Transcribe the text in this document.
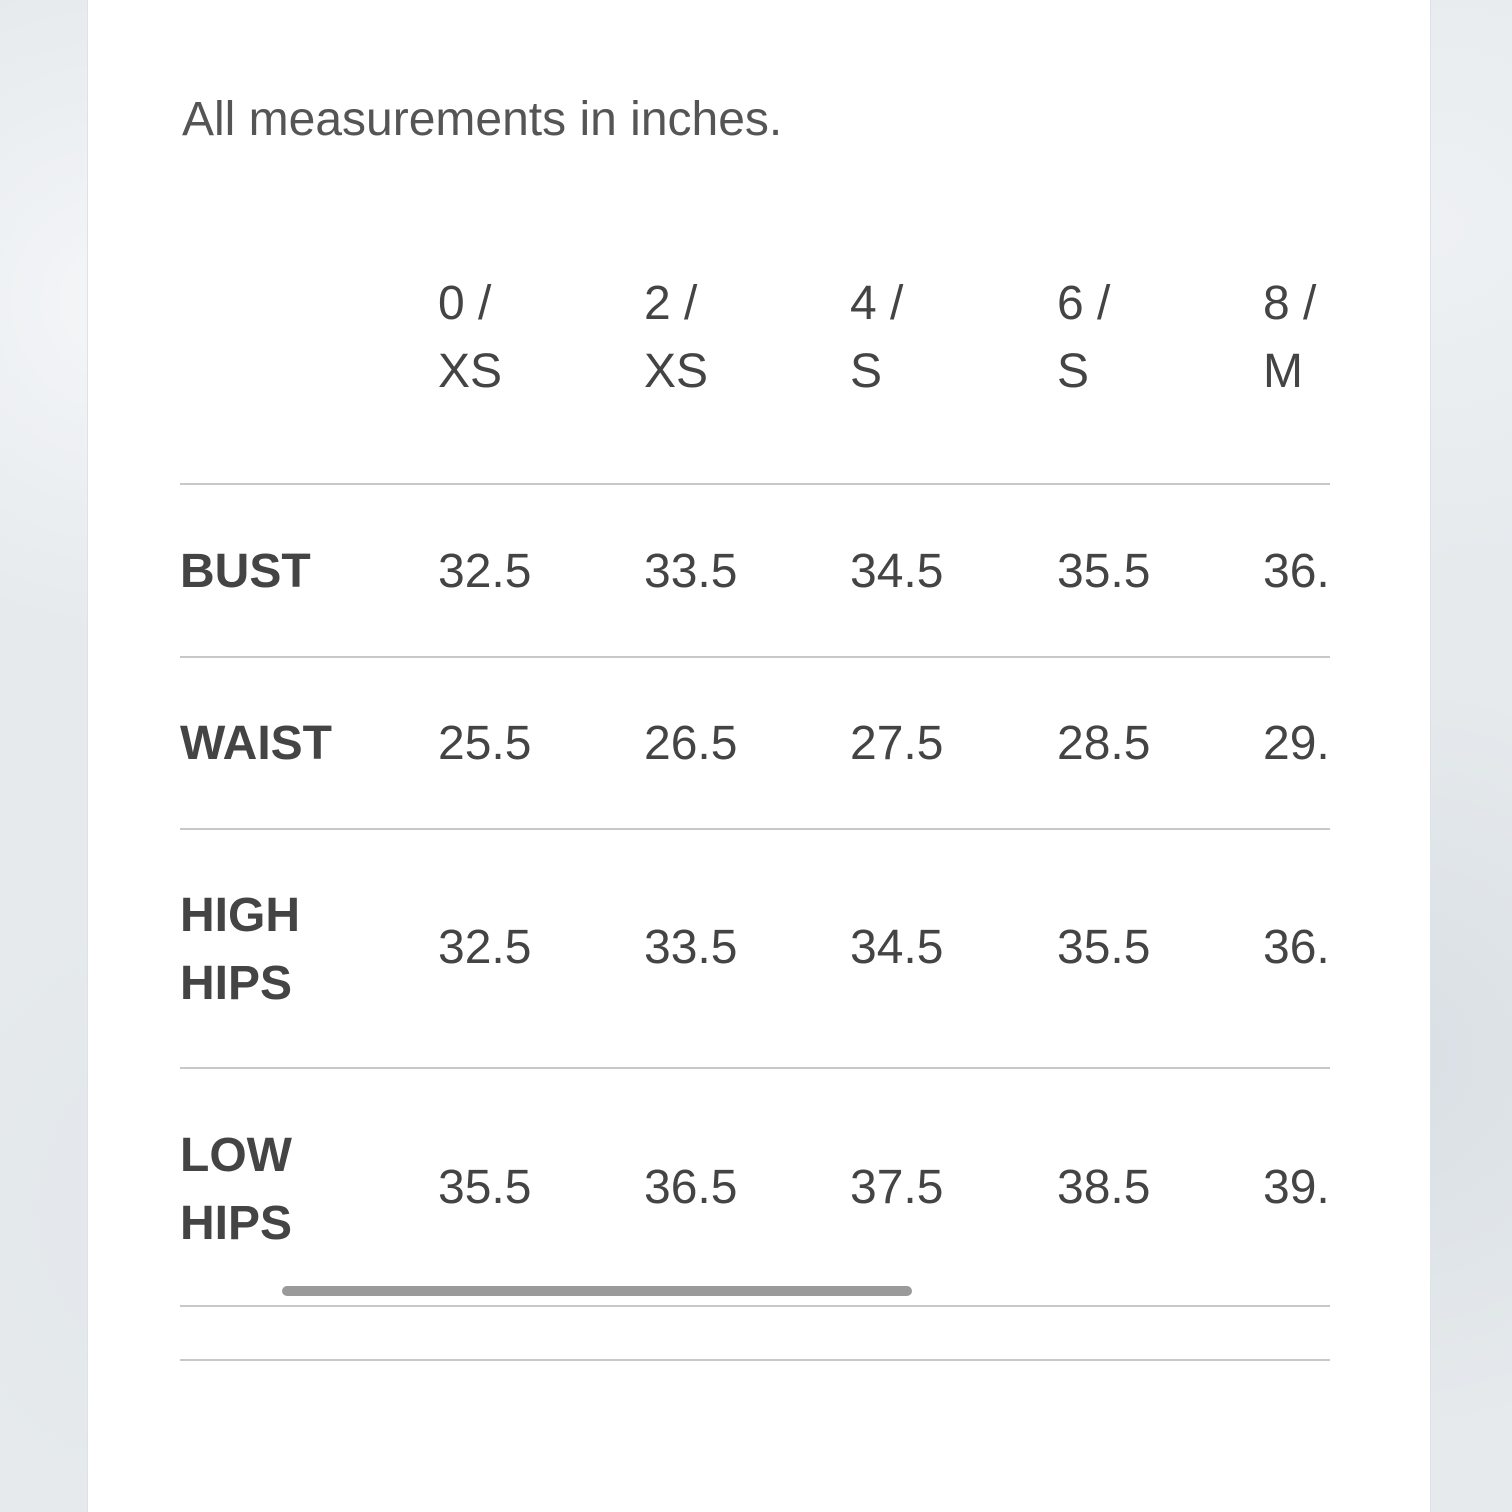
All measurements in inches.

0 /
XS
2 /
XS
4 /
S
6 /
S
8 /
M
BUST	32.5 33.5 34.5 35.5 36.
WAIST 25.5 26.5 27.5 28.5 29.
HIGH
HIPS
32.5 33.5 34.5 35.5 36.
LOW
HIPS
35.5 36.5 37.5 38.5 39.
